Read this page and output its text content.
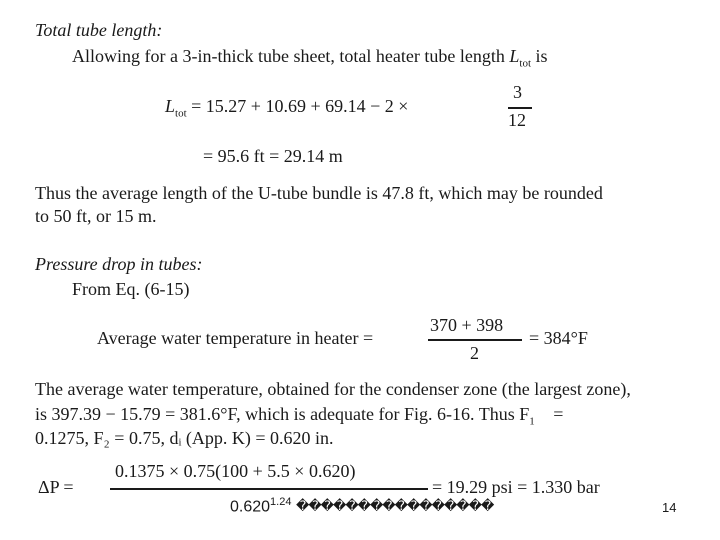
Total tube length:
Allowing for a 3-in-thick tube sheet, total heater tube length $L_{tot}$ is
$L_{tot} = 15.27 + 10.69 + 69.14 - 2$ ×
3
12
= 95.6 ft = 29.14 m
Thus the average length of the U-tube bundle is 47.8 ft, which may be rounded
to 50 ft, or 15 m.
Pressure drop in tubes:
From Eq. (6-15)
Average water temperature in heater =
370 + 398
2
= 384°F
The average water temperature, obtained for the condenser zone (the largest zone),
is 397.39 − 15.79 = 381.6°F, which is adequate for Fig. 6-16. Thus $F_1$ =
0.1275, F₂ = 0.75, dᵢ (App. K) = 0.620 in.
ΔP =
0.1375 × 0.75(100 + 5.5 × 0.620)
$0.620^{1.24}$ ����������������
= 19.29 psi = 1.330 bar
14
